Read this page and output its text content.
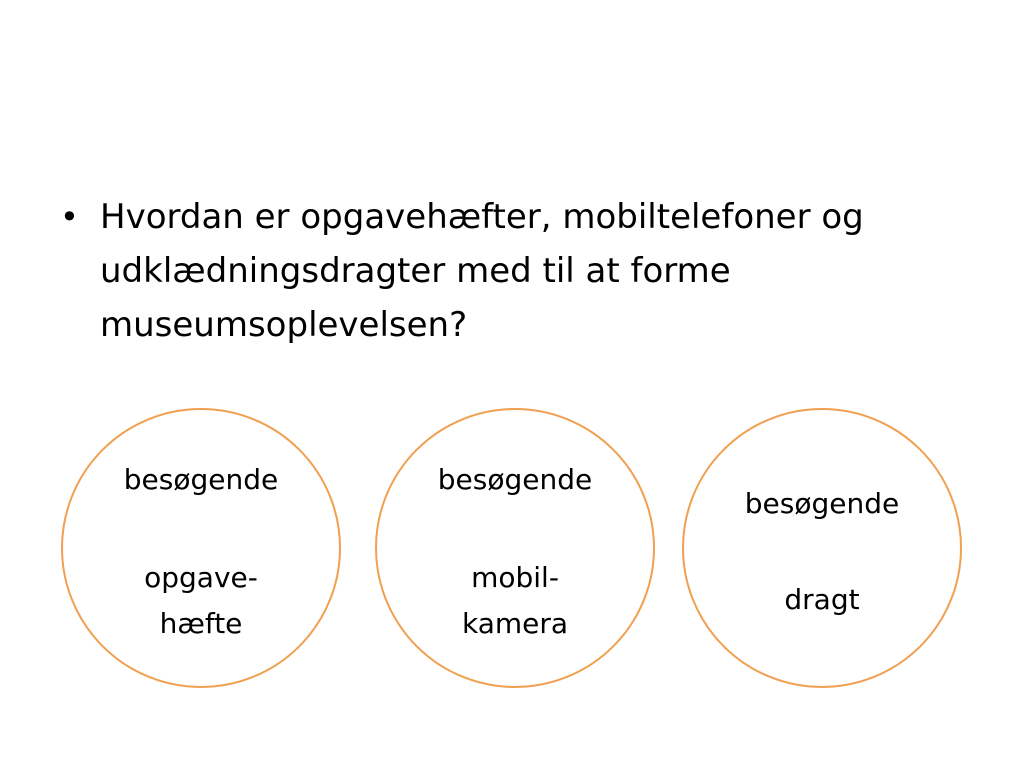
• Hvordan er opgavehæfter, mobiltelefoner og udklædningsdragter med til at forme museumsoplevelsen?
besøgende
opgave-
hæfte
besøgende
mobil-
kamera
besøgende
dragt
